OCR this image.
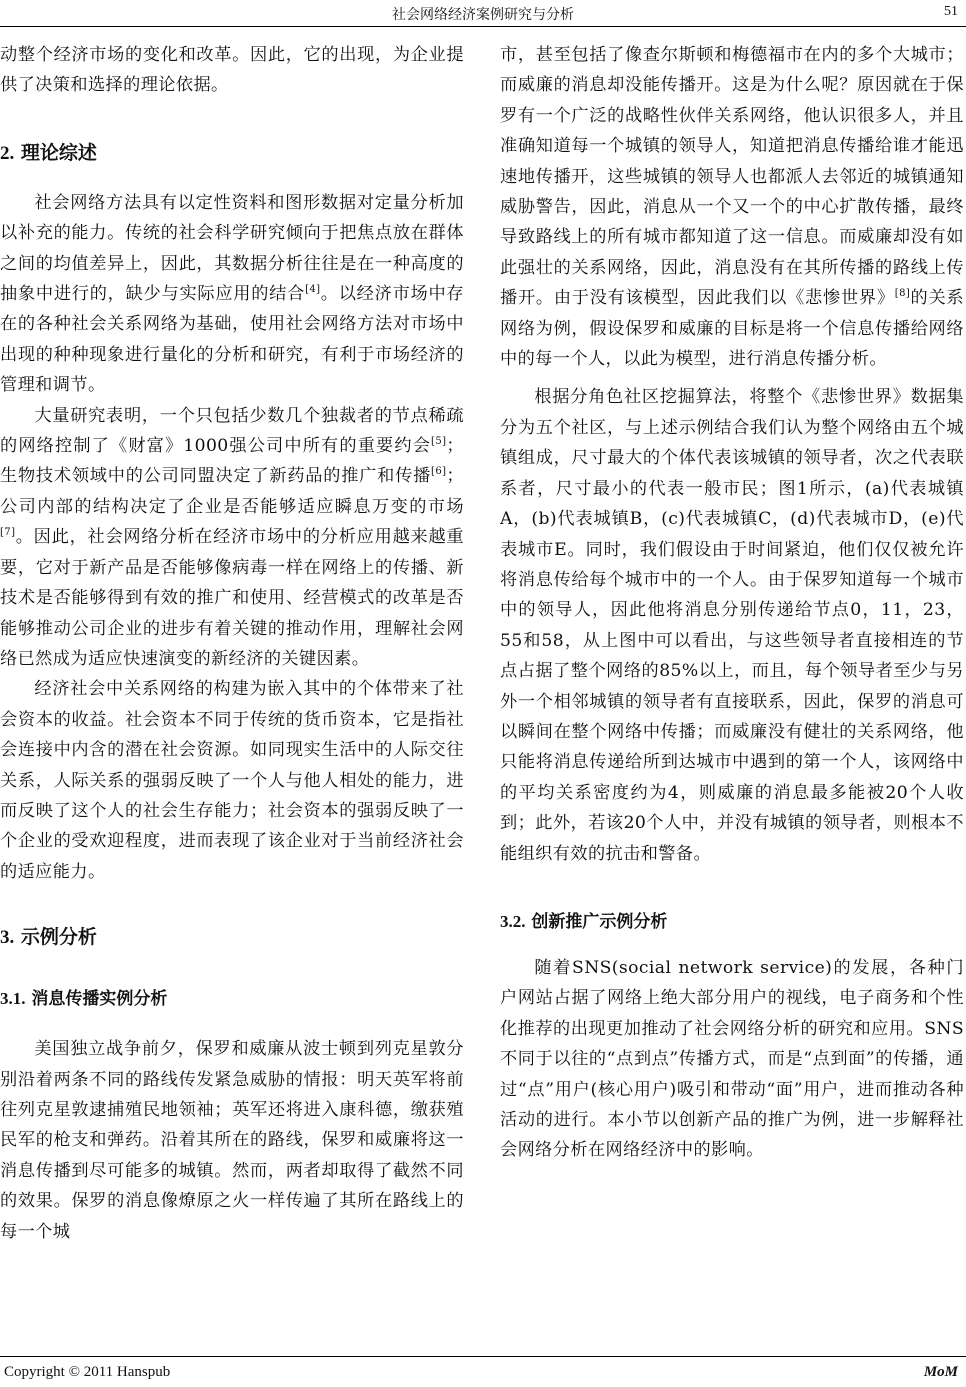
社会网络经济案例研究与分析	51

动整个经济市场的变化和改革。因此，它的出现，为企业提供了决策和选择的理论依据。

2. 理论综述

社会网络方法具有以定性资料和图形数据对定量分析加以补充的能力。传统的社会科学研究倾向于把焦点放在群体之间的均值差异上，因此，其数据分析往往是在一种高度的抽象中进行的，缺少与实际应用的结合[4]。以经济市场中存在的各种社会关系网络为基础，使用社会网络方法对市场中出现的种种现象进行量化的分析和研究，有利于市场经济的管理和调节。

大量研究表明，一个只包括少数几个独裁者的节点稀疏的网络控制了《财富》1000强公司中所有的重要约会[5]；生物技术领域中的公司同盟决定了新药品的推广和传播[6]；公司内部的结构决定了企业是否能够适应瞬息万变的市场[7]。因此，社会网络分析在经济市场中的分析应用越来越重要，它对于新产品是否能够像病毒一样在网络上的传播、新技术是否能够得到有效的推广和使用、经营模式的改革是否能够推动公司企业的进步有着关键的推动作用，理解社会网络已然成为适应快速演变的新经济的关键因素。

经济社会中关系网络的构建为嵌入其中的个体带来了社会资本的收益。社会资本不同于传统的货币资本，它是指社会连接中内含的潜在社会资源。如同现实生活中的人际交往关系，人际关系的强弱反映了一个人与他人相处的能力，进而反映了这个人的社会生存能力；社会资本的强弱反映了一个企业的受欢迎程度，进而表现了该企业对于当前经济社会的适应能力。

3. 示例分析
3.1. 消息传播实例分析

美国独立战争前夕，保罗和威廉从波士顿到列克星敦分别沿着两条不同的路线传发紧急威胁的情报：明天英军将前往列克星敦逮捕殖民地领袖；英军还将进入康科德，缴获殖民军的枪支和弹药。沿着其所在的路线，保罗和威廉将这一消息传播到尽可能多的城镇。然而，两者却取得了截然不同的效果。保罗的消息像燎原之火一样传遍了其所在路线上的每一个城

市，甚至包括了像查尔斯顿和梅德福市在内的多个大城市；而威廉的消息却没能传播开。这是为什么呢？原因就在于保罗有一个广泛的战略性伙伴关系网络，他认识很多人，并且准确知道每一个城镇的领导人，知道把消息传播给谁才能迅速地传播开，这些城镇的领导人也都派人去邻近的城镇通知威胁警告，因此，消息从一个又一个的中心扩散传播，最终导致路线上的所有城市都知道了这一信息。而威廉却没有如此强壮的关系网络，因此，消息没有在其所传播的路线上传播开。由于没有该模型，因此我们以《悲惨世界》[8]的关系网络为例，假设保罗和威廉的目标是将一个信息传播给网络中的每一个人，以此为模型，进行消息传播分析。

根据分角色社区挖掘算法，将整个《悲惨世界》数据集分为五个社区，与上述示例结合我们认为整个网络由五个城镇组成，尺寸最大的个体代表该城镇的领导者，次之代表联系者，尺寸最小的代表一般市民；图1所示，(a)代表城镇A，(b)代表城镇B，(c)代表城镇C，(d)代表城市D，(e)代表城市E。同时，我们假设由于时间紧迫，他们仅仅被允许将消息传给每个城市中的一个人。由于保罗知道每一个城市中的领导人，因此他将消息分别传递给节点0，11，23，55和58，从上图中可以看出，与这些领导者直接相连的节点占据了整个网络的85%以上，而且，每个领导者至少与另外一个相邻城镇的领导者有直接联系，因此，保罗的消息可以瞬间在整个网络中传播；而威廉没有健壮的关系网络，他只能将消息传递给所到达城市中遇到的第一个人，该网络中的平均关系密度约为4，则威廉的消息最多能被20个人收到；此外，若该20个人中，并没有城镇的领导者，则根本不能组织有效的抗击和警备。

3.2. 创新推广示例分析

随着SNS(social network service)的发展，各种门户网站占据了网络上绝大部分用户的视线，电子商务和个性化推荐的出现更加推动了社会网络分析的研究和应用。SNS不同于以往的“点到点”传播方式，而是“点到面”的传播，通过“点”用户(核心用户)吸引和带动“面”用户，进而推动各种活动的进行。本小节以创新产品的推广为例，进一步解释社会网络分析在网络经济中的影响。

Copyright © 2011 Hanspub	MoM
